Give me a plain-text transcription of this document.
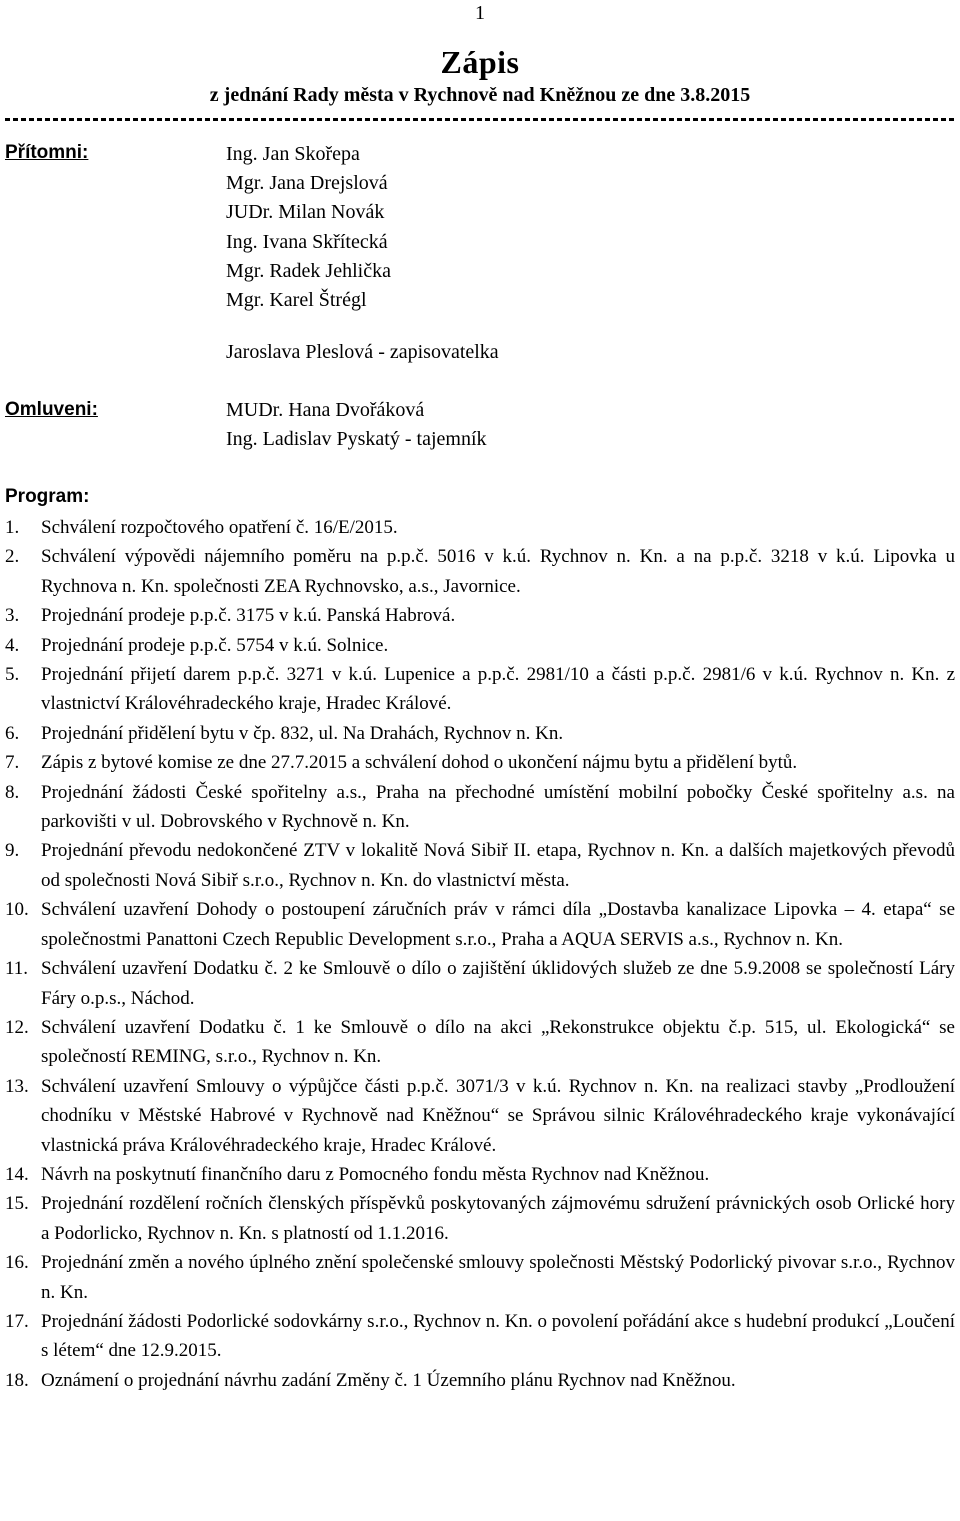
1
Zápis
z jednání Rady města v Rychnově nad Kněžnou ze dne 3.8.2015
Přítomni:	Ing. Jan Skořepa
Mgr. Jana Drejslová
JUDr. Milan Novák
Ing. Ivana Skřítecká
Mgr. Radek Jehlička
Mgr. Karel Štrégl
Jaroslava Pleslová - zapisovatelka
Omluveni:	MUDr. Hana Dvořáková
Ing. Ladislav Pyskatý - tajemník
Program:
1.	Schválení rozpočtového opatření č. 16/E/2015.
2.	Schválení výpovědi nájemního poměru na p.p.č. 5016 v k.ú. Rychnov n. Kn. a na p.p.č. 3218 v k.ú. Lipovka u Rychnova n. Kn. společnosti ZEA Rychnovsko, a.s., Javornice.
3.	Projednání prodeje p.p.č. 3175 v k.ú. Panská Habrová.
4.	Projednání prodeje p.p.č. 5754 v k.ú. Solnice.
5.	Projednání přijetí darem p.p.č. 3271 v k.ú. Lupenice a p.p.č. 2981/10 a části p.p.č. 2981/6 v k.ú. Rychnov n. Kn. z vlastnictví Královéhradeckého kraje, Hradec Králové.
6.	Projednání přidělení bytu v čp. 832, ul. Na Drahách, Rychnov n. Kn.
7.	Zápis z bytové komise ze dne 27.7.2015 a schválení dohod o ukončení nájmu bytu a přidělení bytů.
8.	Projednání žádosti České spořitelny a.s., Praha na přechodné umístění mobilní pobočky České spořitelny a.s. na parkovišti v ul. Dobrovského v Rychnově n. Kn.
9.	Projednání převodu nedokončené ZTV v lokalitě Nová Sibiř II. etapa, Rychnov n. Kn. a dalších majetkových převodů od společnosti Nová Sibiř s.r.o., Rychnov n. Kn. do vlastnictví města.
10. Schválení uzavření Dohody o postoupení záručních práv v rámci díla „Dostavba kanalizace Lipovka – 4. etapa“ se společnostmi Panattoni Czech Republic Development s.r.o., Praha a AQUA SERVIS a.s., Rychnov n. Kn.
11. Schválení uzavření Dodatku č. 2 ke Smlouvě o dílo o zajištění úklidových služeb ze dne 5.9.2008 se společností Láry Fáry o.p.s., Náchod.
12. Schválení uzavření Dodatku č. 1 ke Smlouvě o dílo na akci „Rekonstrukce objektu č.p. 515, ul. Ekologická“ se společností REMING, s.r.o., Rychnov n. Kn.
13. Schválení uzavření Smlouvy o výpůjčce části p.p.č. 3071/3 v k.ú. Rychnov n. Kn. na realizaci stavby „Prodloužení chodníku v Městské Habrové v Rychnově nad Kněžnou“ se Správou silnic Královéhradeckého kraje vykonávající vlastnická práva Královéhradeckého kraje, Hradec Králové.
14. Návrh na poskytnutí finančního daru z Pomocného fondu města Rychnov nad Kněžnou.
15. Projednání rozdělení ročních členských příspěvků poskytovaných zájmovému sdružení právnických osob Orlické hory a Podorlicko, Rychnov n. Kn. s platností od 1.1.2016.
16. Projednání změn a nového úplného znění společenské smlouvy společnosti Městský Podorlický pivovar s.r.o., Rychnov n. Kn.
17. Projednání žádosti Podorlické sodovkárny s.r.o., Rychnov n. Kn. o povolení pořádání akce s hudební produkcí „Loučení s létem“ dne 12.9.2015.
18. Oznámení o projednání návrhu zadání Změny č. 1 Územního plánu Rychnov nad Kněžnou.
